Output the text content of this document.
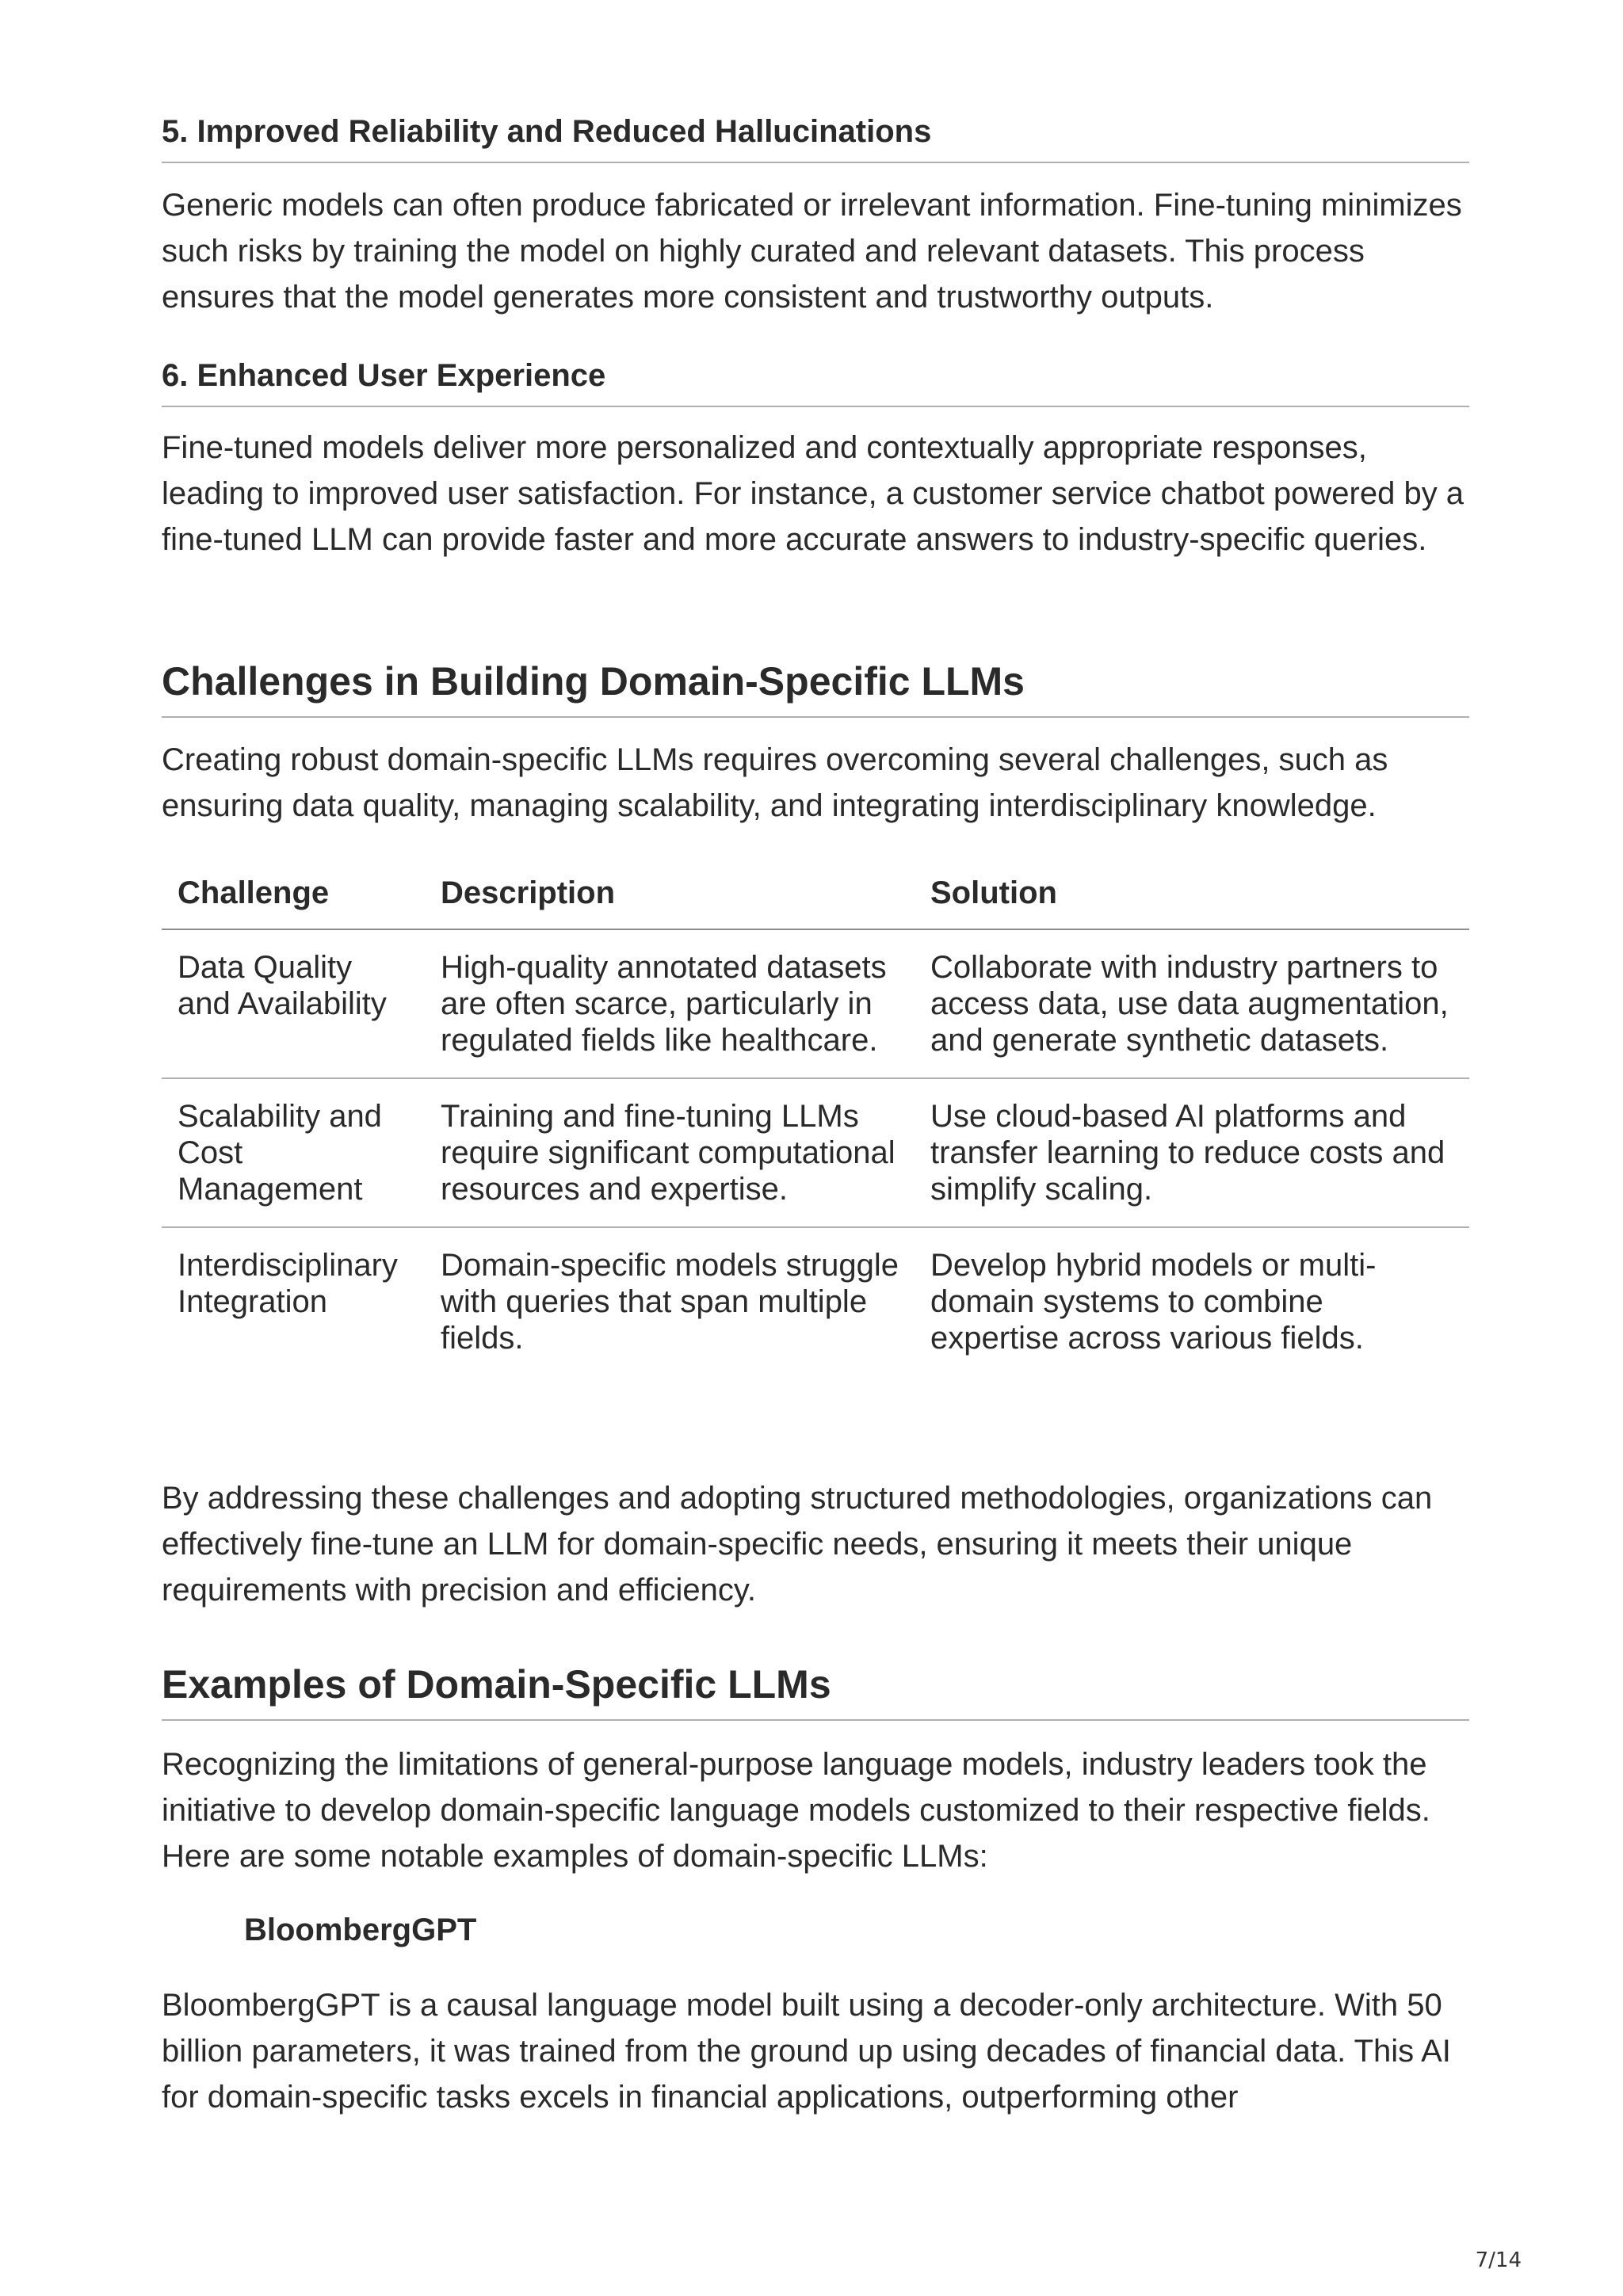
5. Improved Reliability and Reduced Hallucinations

Generic models can often produce fabricated or irrelevant information. Fine-tuning minimizes such risks by training the model on highly curated and relevant datasets. This process ensures that the model generates more consistent and trustworthy outputs.

6. Enhanced User Experience

Fine-tuned models deliver more personalized and contextually appropriate responses, leading to improved user satisfaction. For instance, a customer service chatbot powered by a fine-tuned LLM can provide faster and more accurate answers to industry-specific queries.

Challenges in Building Domain-Specific LLMs

Creating robust domain-specific LLMs requires overcoming several challenges, such as ensuring data quality, managing scalability, and integrating interdisciplinary knowledge.

Challenge	Description	Solution
Data Quality and Availability	High-quality annotated datasets are often scarce, particularly in regulated fields like healthcare.	Collaborate with industry partners to access data, use data augmentation, and generate synthetic datasets.
Scalability and Cost Management	Training and fine-tuning LLMs require significant computational resources and expertise.	Use cloud-based AI platforms and transfer learning to reduce costs and simplify scaling.
Interdisciplinary Integration	Domain-specific models struggle with queries that span multiple fields.	Develop hybrid models or multi-domain systems to combine expertise across various fields.

By addressing these challenges and adopting structured methodologies, organizations can effectively fine-tune an LLM for domain-specific needs, ensuring it meets their unique requirements with precision and efficiency.

Examples of Domain-Specific LLMs

Recognizing the limitations of general-purpose language models, industry leaders took the initiative to develop domain-specific language models customized to their respective fields. Here are some notable examples of domain-specific LLMs:

BloombergGPT

BloombergGPT is a causal language model built using a decoder-only architecture. With 50 billion parameters, it was trained from the ground up using decades of financial data. This AI for domain-specific tasks excels in financial applications, outperforming other

7/14
